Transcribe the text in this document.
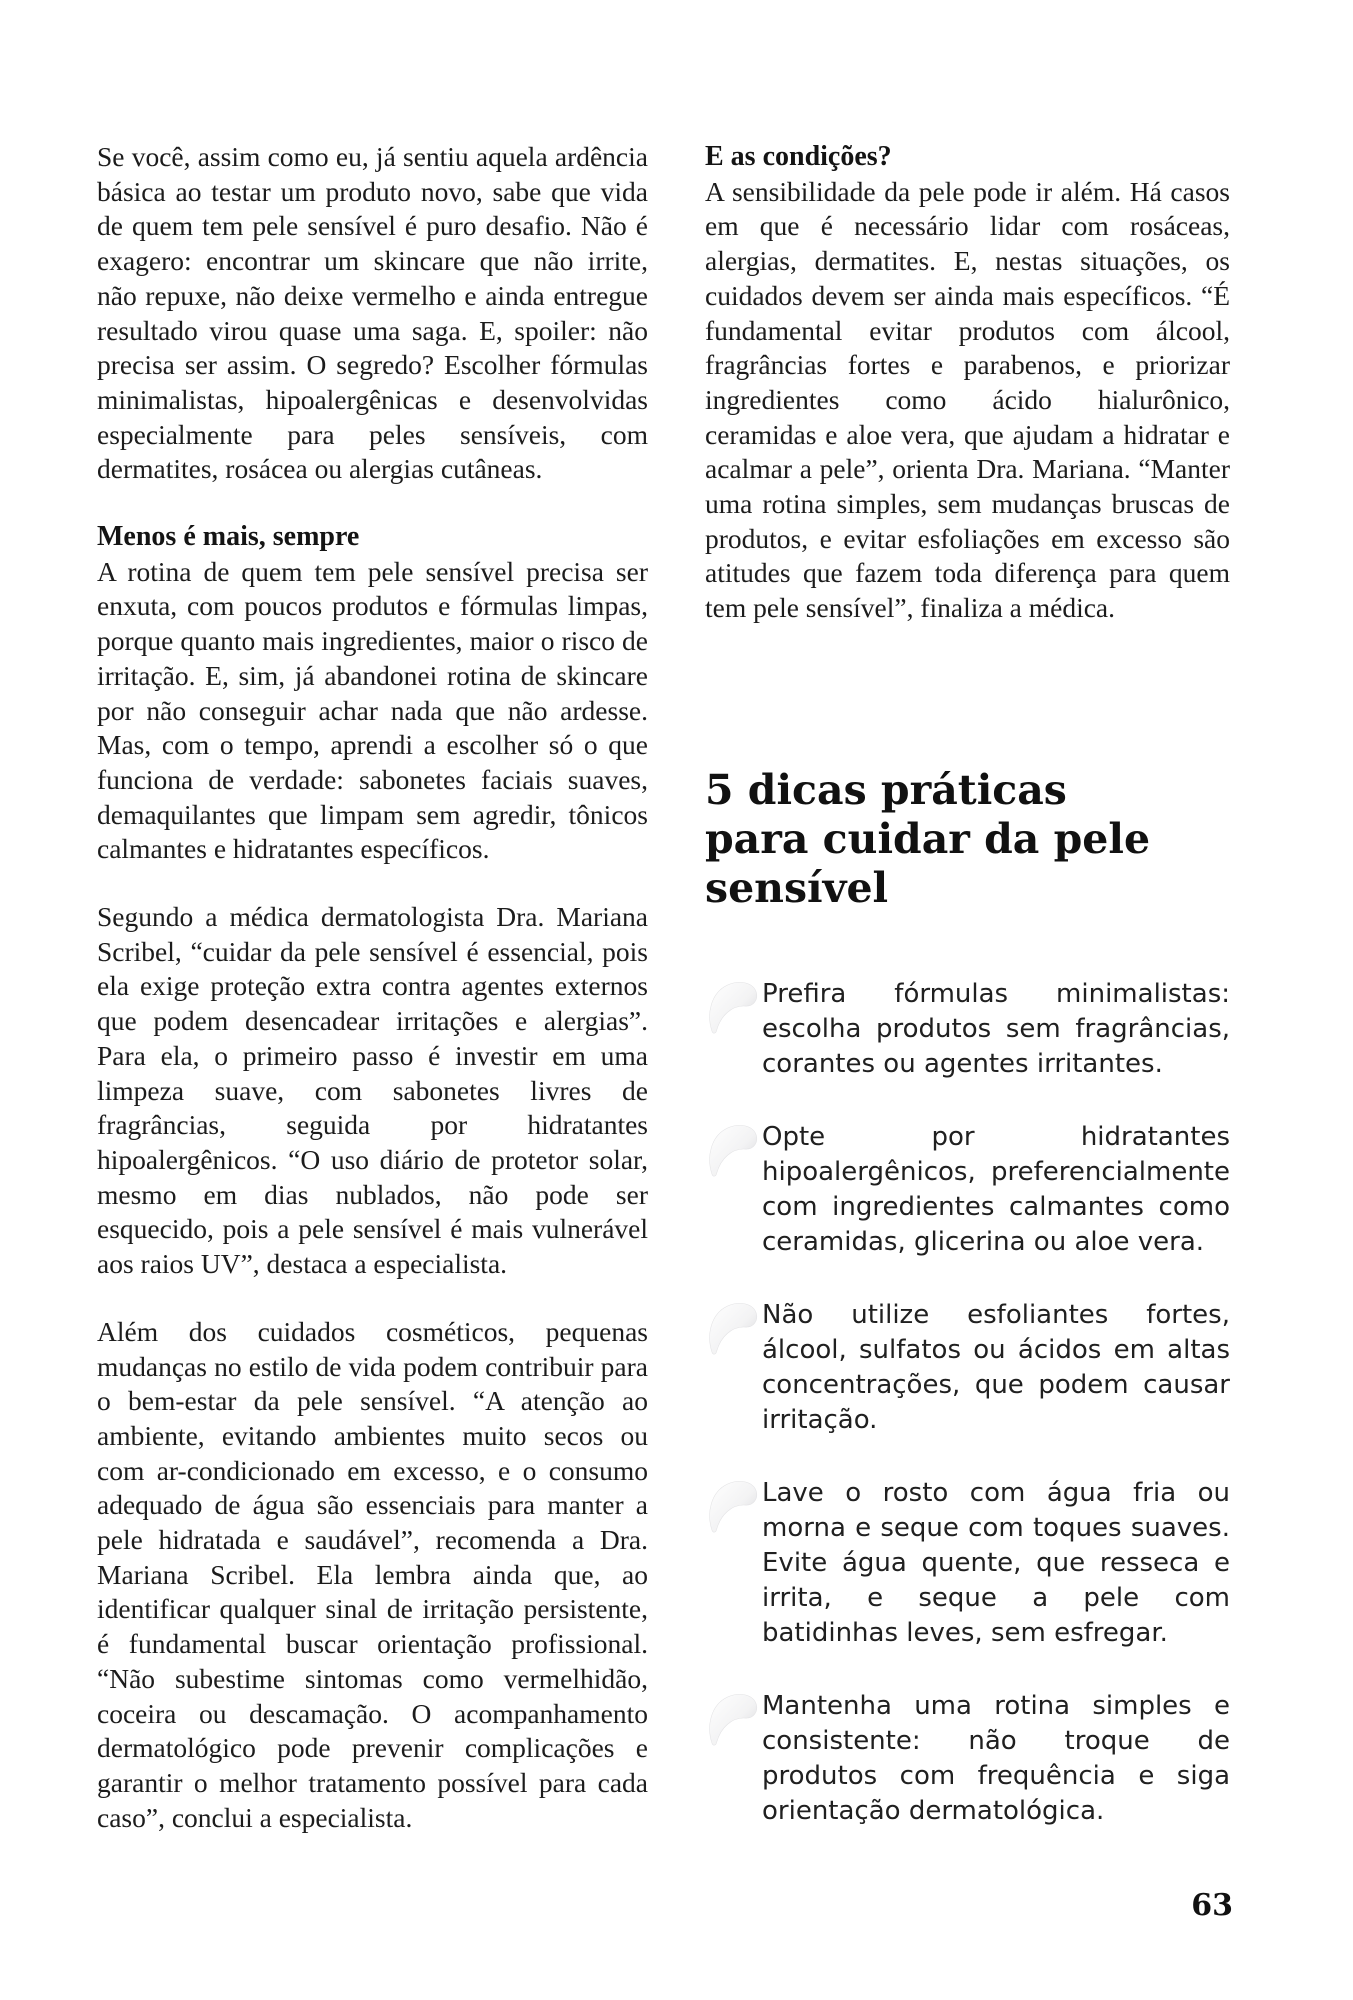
Se você, assim como eu, já sentiu aquela ardência básica ao testar um produto novo, sabe que vida de quem tem pele sensível é puro desafio. Não é exagero: encontrar um skincare que não irrite, não repuxe, não deixe vermelho e ainda entregue resultado virou quase uma saga. E, spoiler: não precisa ser assim. O segredo? Escolher fórmulas minimalistas, hipoalergênicas e desenvolvidas especialmente para peles sensíveis, com dermatites, rosácea ou alergias cutâneas.

Menos é mais, sempre

A rotina de quem tem pele sensível precisa ser enxuta, com poucos produtos e fórmulas limpas, porque quanto mais ingredientes, maior o risco de irritação. E, sim, já abandonei rotina de skincare por não conseguir achar nada que não ardesse. Mas, com o tempo, aprendi a escolher só o que funciona de verdade: sabonetes faciais suaves, demaquilantes que limpam sem agredir, tônicos calmantes e hidratantes específicos.

Segundo a médica dermatologista Dra. Mariana Scribel, “cuidar da pele sensível é essencial, pois ela exige proteção extra contra agentes externos que podem desencadear irritações e alergias”. Para ela, o primeiro passo é investir em uma limpeza suave, com sabonetes livres de fragrâncias, seguida por hidratantes hipoalergênicos. “O uso diário de protetor solar, mesmo em dias nublados, não pode ser esquecido, pois a pele sensível é mais vulnerável aos raios UV”, destaca a especialista.

Além dos cuidados cosméticos, pequenas mudanças no estilo de vida podem contribuir para o bem-estar da pele sensível. “A atenção ao ambiente, evitando ambientes muito secos ou com ar-condicionado em excesso, e o consumo adequado de água são essenciais para manter a pele hidratada e saudável”, recomenda a Dra. Mariana Scribel. Ela lembra ainda que, ao identificar qualquer sinal de irritação persistente, é fundamental buscar orientação profissional. “Não subestime sintomas como vermelhidão, coceira ou descamação. O acompanhamento dermatológico pode prevenir complicações e garantir o melhor tratamento possível para cada caso”, conclui a especialista.

E as condições?

A sensibilidade da pele pode ir além. Há casos em que é necessário lidar com rosáceas, alergias, dermatites. E, nestas situações, os cuidados devem ser ainda mais específicos. “É fundamental evitar produtos com álcool, fragrâncias fortes e parabenos, e priorizar ingredientes como ácido hialurônico, ceramidas e aloe vera, que ajudam a hidratar e acalmar a pele”, orienta Dra. Mariana. “Manter uma rotina simples, sem mudanças bruscas de produtos, e evitar esfoliações em excesso são atitudes que fazem toda diferença para quem tem pele sensível”, finaliza a médica.

5 dicas práticas
para cuidar da pele sensível
Prefira fórmulas minimalistas: escolha produtos sem fragrâncias, corantes ou agentes irritantes.
Opte por hidratantes hipoalergênicos, preferencialmente com ingredientes calmantes como ceramidas, glicerina ou aloe vera.
Não utilize esfoliantes fortes, álcool, sulfatos ou ácidos em altas concentrações, que podem causar irritação.
Lave o rosto com água fria ou morna e seque com toques suaves. Evite água quente, que resseca e irrita, e seque a pele com batidinhas leves, sem esfregar.
Mantenha uma rotina simples e consistente: não troque de produtos com frequência e siga orientação dermatológica.
63
